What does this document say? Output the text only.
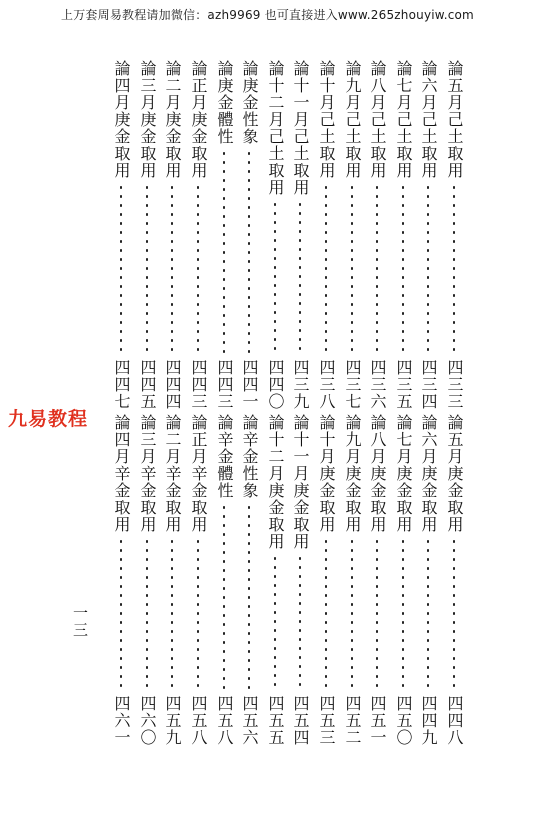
上万套周易教程请加微信：azh9969 也可直接进入www.265zhouyiw.com
九易教程
一三
論五月己土取用
四三三
論六月己土取用
四三四
論七月己土取用
四三五
論八月己土取用
四三六
論九月己土取用
四三七
論十月己土取用
四三八
論十一月己土取用
四三九
論十二月己土取用
四四〇
論庚金性象
四四一
論庚金體性
四四三
論正月庚金取用
四四三
論二月庚金取用
四四四
論三月庚金取用
四四五
論四月庚金取用
四四七
論五月庚金取用
四四八
論六月庚金取用
四四九
論七月庚金取用
四五〇
論八月庚金取用
四五一
論九月庚金取用
四五二
論十月庚金取用
四五三
論十一月庚金取用
四五四
論十二月庚金取用
四五五
論辛金性象
四五六
論辛金體性
四五八
論正月辛金取用
四五八
論二月辛金取用
四五九
論三月辛金取用
四六〇
論四月辛金取用
四六一
